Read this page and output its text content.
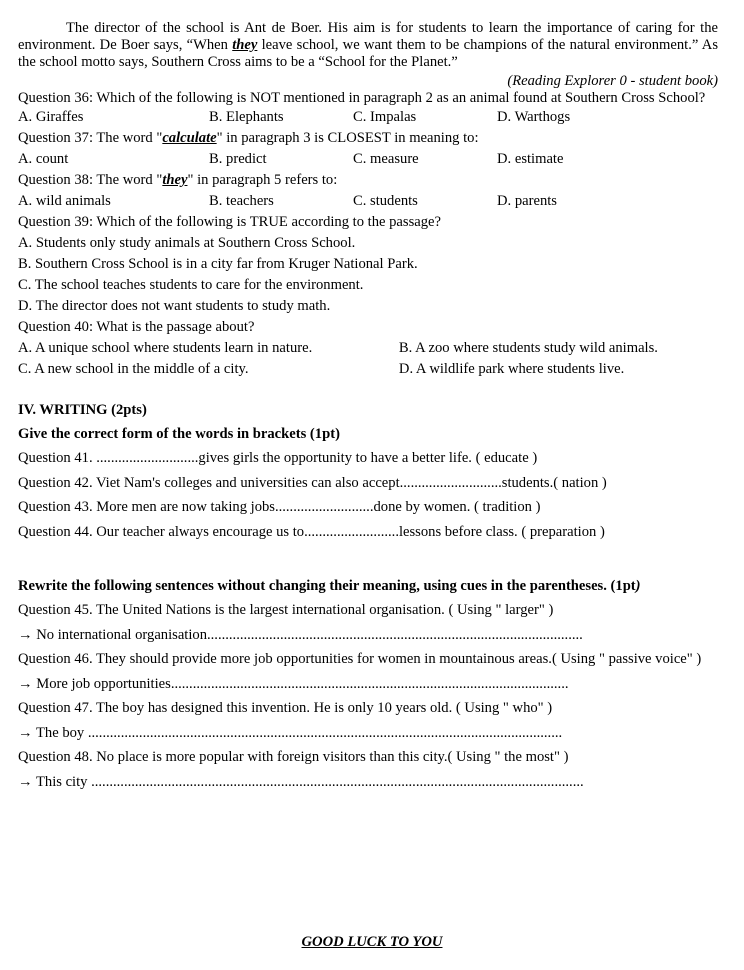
The director of the school is Ant de Boer. His aim is for students to learn the importance of caring for the environment. De Boer says, “When they leave school, we want them to be champions of the natural environment.” As the school motto says, Southern Cross aims to be a “School for the Planet.”

(Reading Explorer 0 - student book)

Question 36: Which of the following is NOT mentioned in paragraph 2 as an animal found at Southern Cross School?

A. Giraffes	B. Elephants	C. Impalas	D. Warthogs

Question 37: The word "calculate" in paragraph 3 is CLOSEST in meaning to:

A. count	B. predict	C. measure	D. estimate

Question 38: The word "they" in paragraph 5 refers to:

A. wild animals	B. teachers	C. students	D. parents

Question 39: Which of the following is TRUE according to the passage?

A. Students only study animals at Southern Cross School.

B. Southern Cross School is in a city far from Kruger National Park.

C. The school teaches students to care for the environment.

D. The director does not want students to study math.

Question 40: What is the passage about?

A. A unique school where students learn in nature.	B. A zoo where students study wild animals.
C. A new school in the middle of a city.	D. A wildlife park where students live.

IV. WRITING (2pts)

Give the correct form of the words in brackets (1pt)

Question 41. ............................gives girls the opportunity to have a better life. ( educate )

Question 42. Viet Nam's colleges and universities can also accept............................students.( nation )

Question 43. More men are now taking jobs...........................done by women. ( tradition )

Question 44. Our teacher always encourage us to..........................lessons before class. ( preparation )

Rewrite the following sentences without changing their meaning, using cues in the parentheses. (1pt)

Question 45. The United Nations is the largest international organisation. ( Using " larger" )

→ No international organisation.......................................................................................................

Question 46. They should provide more job opportunities for women in mountainous areas.( Using " passive voice" )

→ More job opportunities.............................................................................................................

Question 47. The boy has designed this invention. He is only 10 years old. ( Using " who" )

→ The boy ..................................................................................................................................

Question 48. No place is more popular with foreign visitors than this city.( Using " the most" )

→ This city .......................................................................................................................................

GOOD LUCK TO YOU
